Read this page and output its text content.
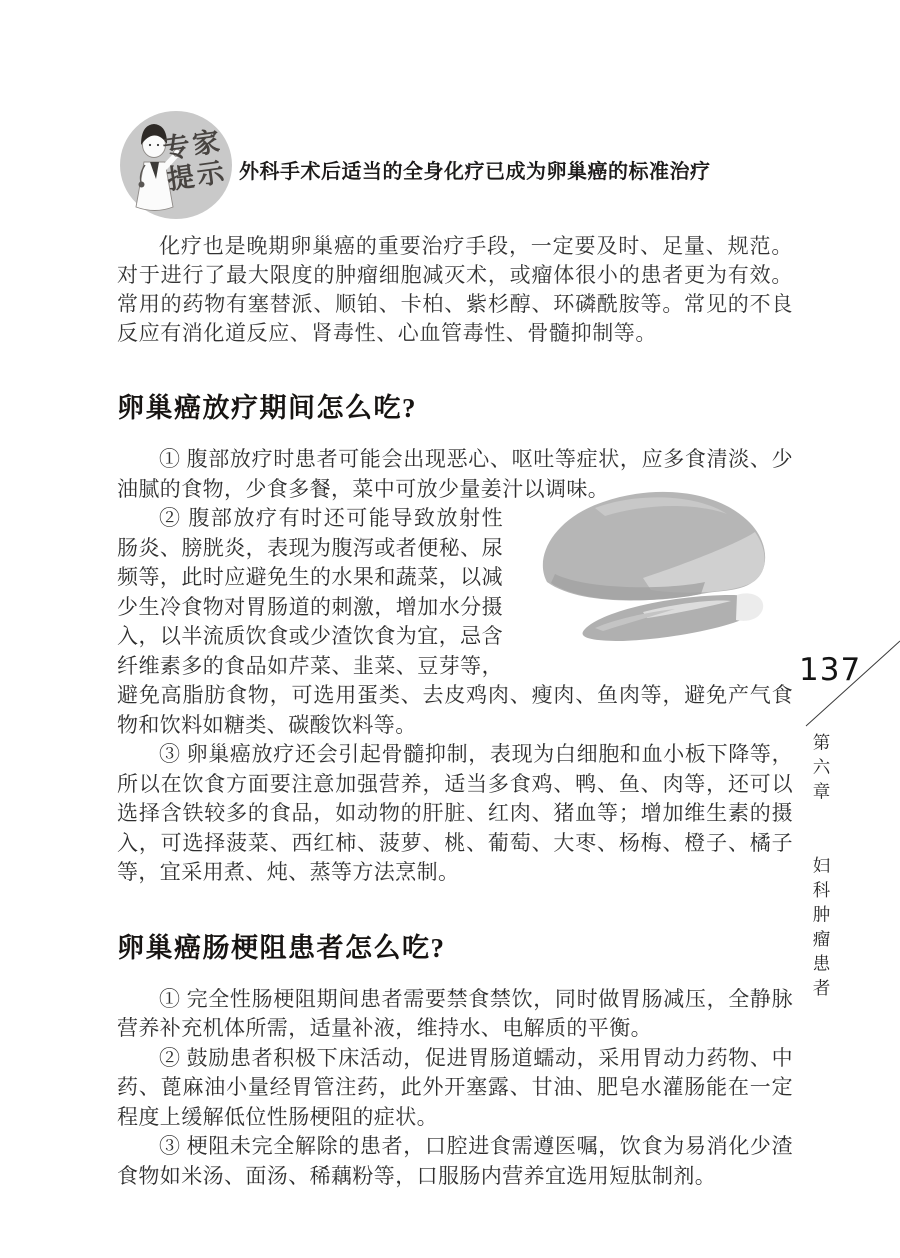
专家
提示 外科手术后适当的全身化疗已成为卵巢癌的标准治疗

化疗也是晚期卵巢癌的重要治疗手段，一定要及时、足量、规范。对于进行了最大限度的肿瘤细胞减灭术，或瘤体很小的患者更为有效。常用的药物有塞替派、顺铂、卡柏、紫杉醇、环磷酰胺等。常见的不良反应有消化道反应、肾毒性、心血管毒性、骨髓抑制等。

卵巢癌放疗期间怎么吃?

① 腹部放疗时患者可能会出现恶心、呕吐等症状，应多食清淡、少油腻的食物，少食多餐，菜中可放少量姜汁以调味。

② 腹部放疗有时还可能导致放射性肠炎、膀胱炎，表现为腹泻或者便秘、尿频等，此时应避免生的水果和蔬菜，以减少生冷食物对胃肠道的刺激，增加水分摄入，以半流质饮食或少渣饮食为宜，忌含纤维素多的食品如芹菜、韭菜、豆芽等，避免高脂肪食物，可选用蛋类、去皮鸡肉、瘦肉、鱼肉等，避免产气食物和饮料如糖类、碳酸饮料等。

③ 卵巢癌放疗还会引起骨髓抑制，表现为白细胞和血小板下降等，所以在饮食方面要注意加强营养，适当多食鸡、鸭、鱼、肉等，还可以选择含铁较多的食品，如动物的肝脏、红肉、猪血等；增加维生素的摄入，可选择菠菜、西红柿、菠萝、桃、葡萄、大枣、杨梅、橙子、橘子等，宜采用煮、炖、蒸等方法烹制。

卵巢癌肠梗阻患者怎么吃?

① 完全性肠梗阻期间患者需要禁食禁饮，同时做胃肠减压，全静脉营养补充机体所需，适量补液，维持水、电解质的平衡。

② 鼓励患者积极下床活动，促进胃肠道蠕动，采用胃动力药物、中药、蓖麻油小量经胃管注药，此外开塞露、甘油、肥皂水灌肠能在一定程度上缓解低位性肠梗阻的症状。

③ 梗阻未完全解除的患者，口腔进食需遵医嘱，饮食为易消化少渣食物如米汤、面汤、稀藕粉等，口服肠内营养宜选用短肽制剂。

137
第六章 妇科肿瘤患者
